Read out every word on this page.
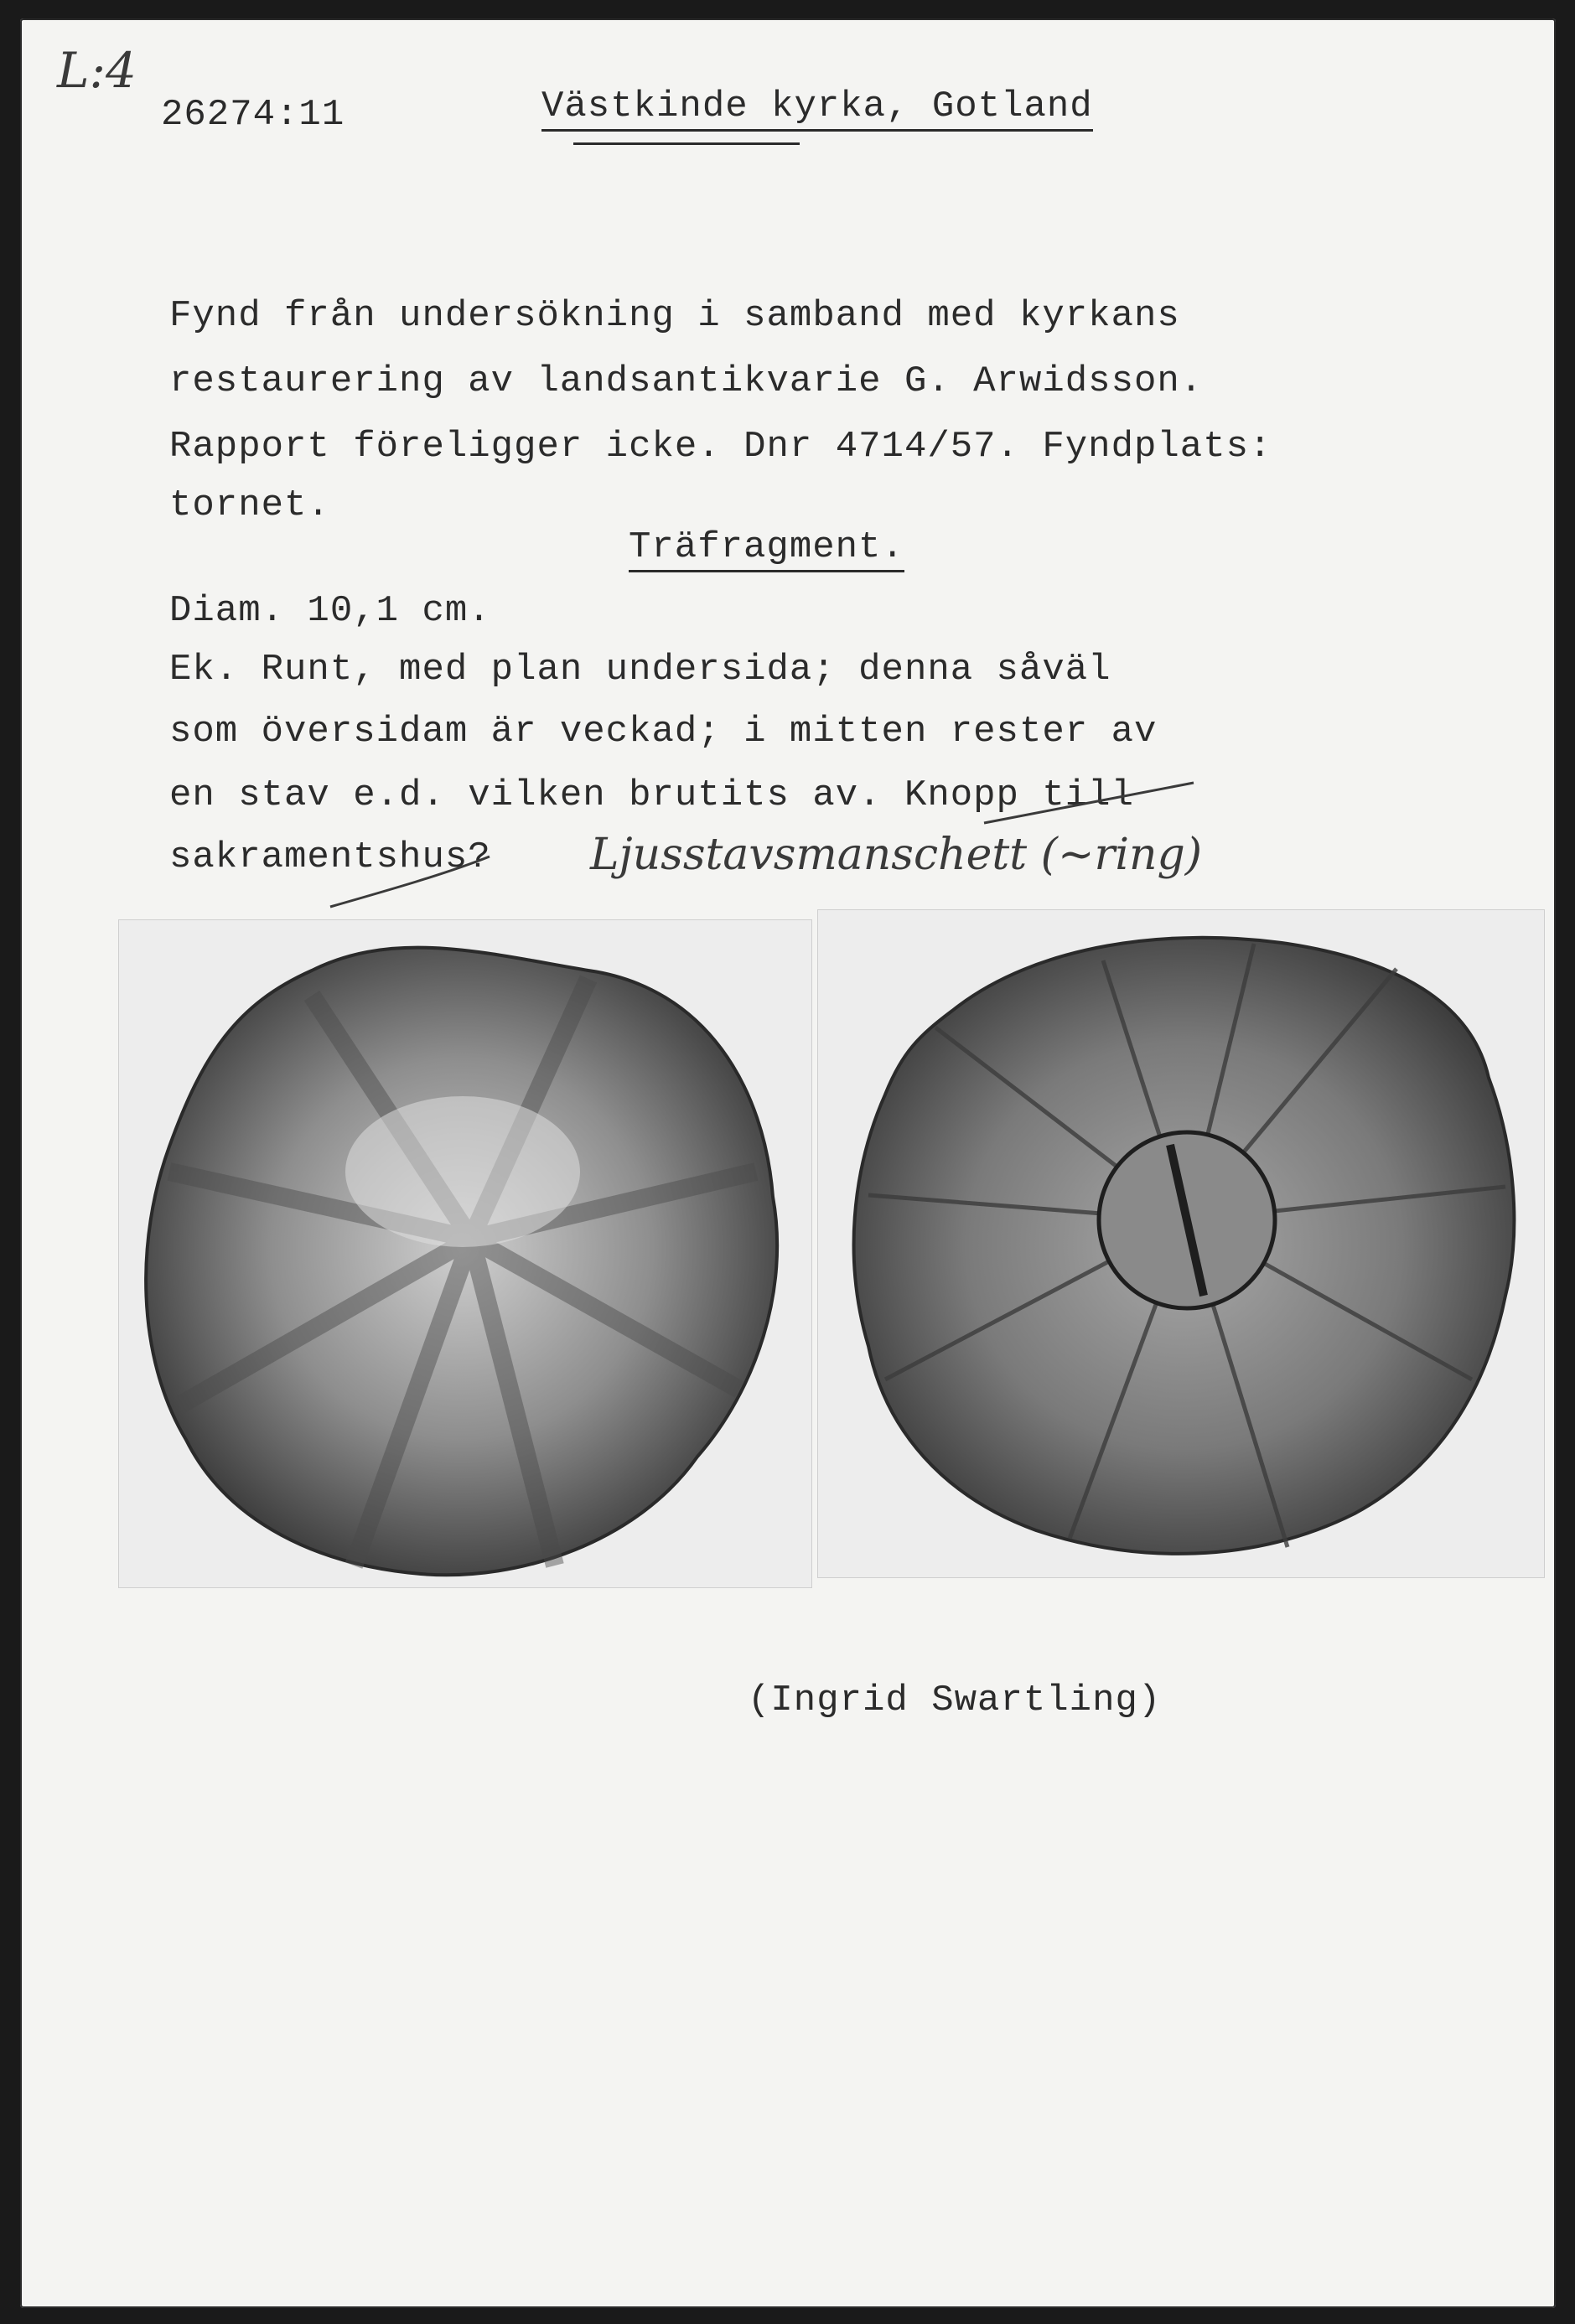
L:4
26274:11	Västkinde kyrka, Gotland
Fynd från undersökning i samband med kyrkans
restaurering av landsantikvarie G. Arwidsson.
Rapport föreligger icke. Dnr 4714/57. Fyndplats:
tornet.
Träfragment.
Diam. 10,1 cm.
Ek. Runt, med plan undersida; denna såväl
som översidam är veckad; i mitten rester av
en stav e.d. vilken brutits av. Knopp till
sakramentshus? Ljusstavsmanschett (~ring)
(Ingrid Swartling)
